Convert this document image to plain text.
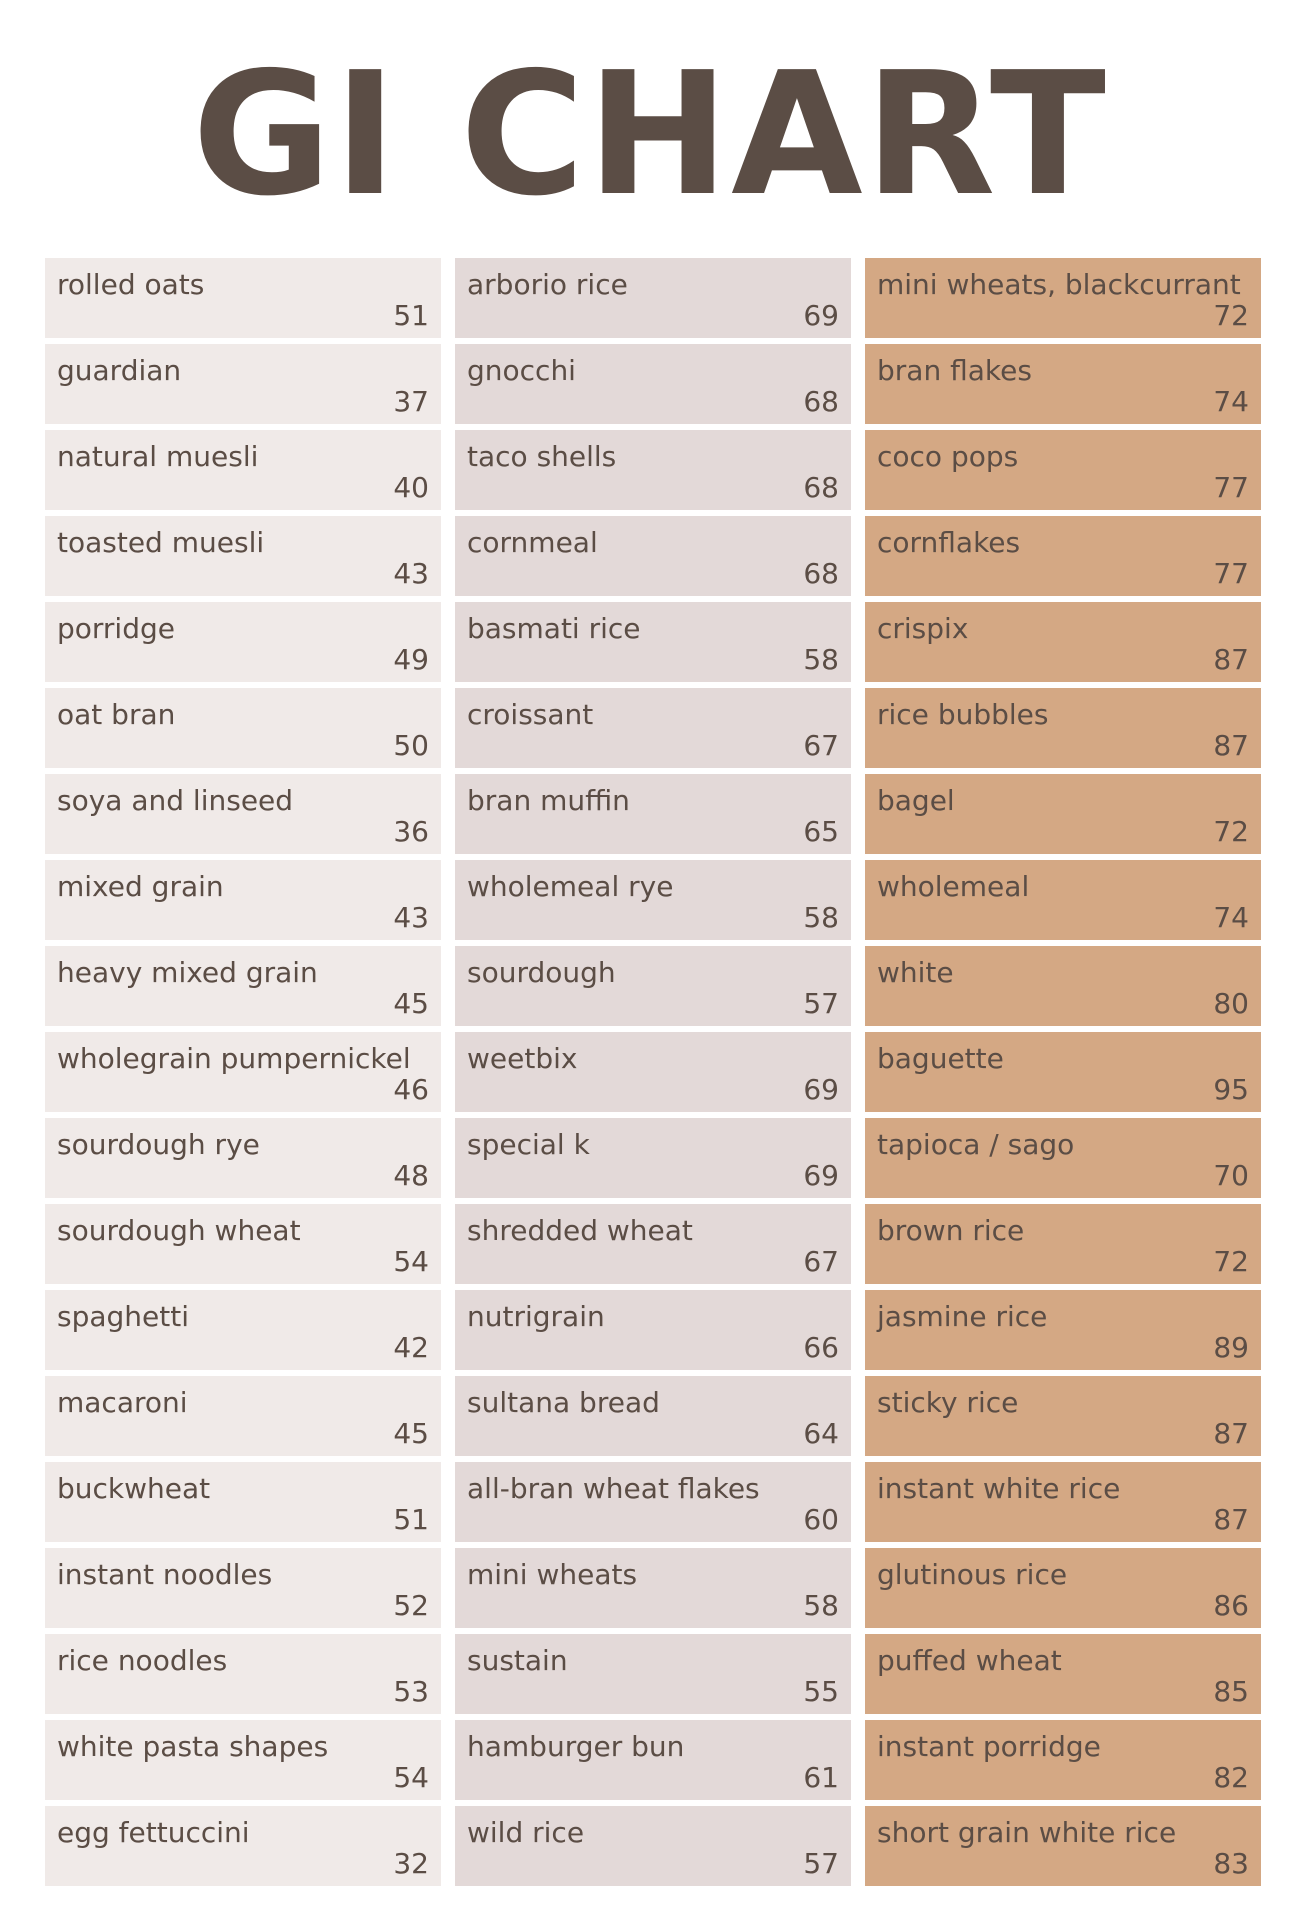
GI CHART
rolled oats
51
guardian
37
natural muesli
40
toasted muesli
43
porridge
49
oat bran
50
soya and linseed
36
mixed grain
43
heavy mixed grain
45
wholegrain pumpernickel
46
sourdough rye
48
sourdough wheat
54
spaghetti
42
macaroni
45
buckwheat
51
instant noodles
52
rice noodles
53
white pasta shapes
54
egg fettuccini
32
arborio rice
69
gnocchi
68
taco shells
68
cornmeal
68
basmati rice
58
croissant
67
bran muffin
65
wholemeal rye
58
sourdough
57
weetbix
69
special k
69
shredded wheat
67
nutrigrain
66
sultana bread
64
all-bran wheat flakes
60
mini wheats
58
sustain
55
hamburger bun
61
wild rice
57
mini wheats, blackcurrant
72
bran flakes
74
coco pops
77
cornflakes
77
crispix
87
rice bubbles
87
bagel
72
wholemeal
74
white
80
baguette
95
tapioca / sago
70
brown rice
72
jasmine rice
89
sticky rice
87
instant white rice
87
glutinous rice
86
puffed wheat
85
instant porridge
82
short grain white rice
83
